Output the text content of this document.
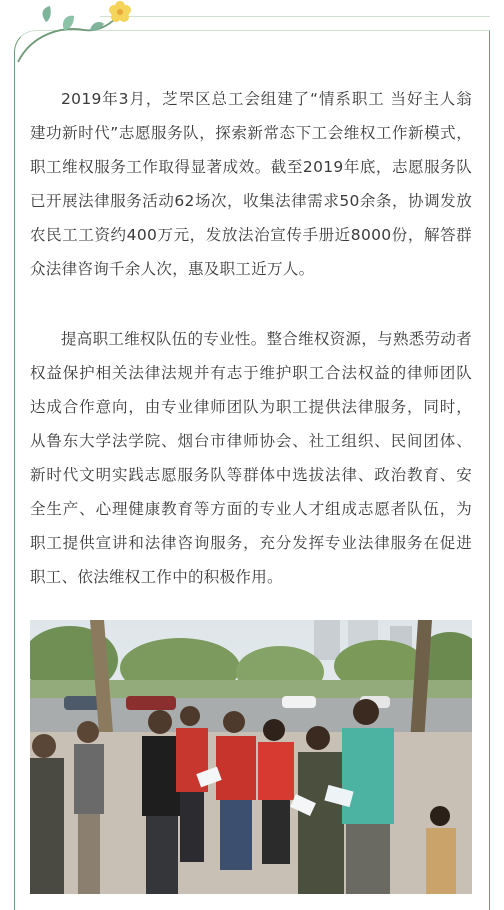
2019年3月，芝罘区总工会组建了“情系职工 当好主人翁 建功新时代”志愿服务队，探索新常态下工会维权工作新模式，职工维权服务工作取得显著成效。截至2019年底，志愿服务队已开展法律服务活动62场次，收集法律需求50余条，协调发放农民工工资约400万元，发放法治宣传手册近8000份，解答群众法律咨询千余人次，惠及职工近万人。

提高职工维权队伍的专业性。整合维权资源，与熟悉劳动者权益保护相关法律法规并有志于维护职工合法权益的律师团队达成合作意向，由专业律师团队为职工提供法律服务，同时，从鲁东大学法学院、烟台市律师协会、社工组织、民间团体、新时代文明实践志愿服务队等群体中选拔法律、政治教育、安全生产、心理健康教育等方面的专业人才组成志愿者队伍，为职工提供宣讲和法律咨询服务，充分发挥专业法律服务在促进职工、依法维权工作中的积极作用。
